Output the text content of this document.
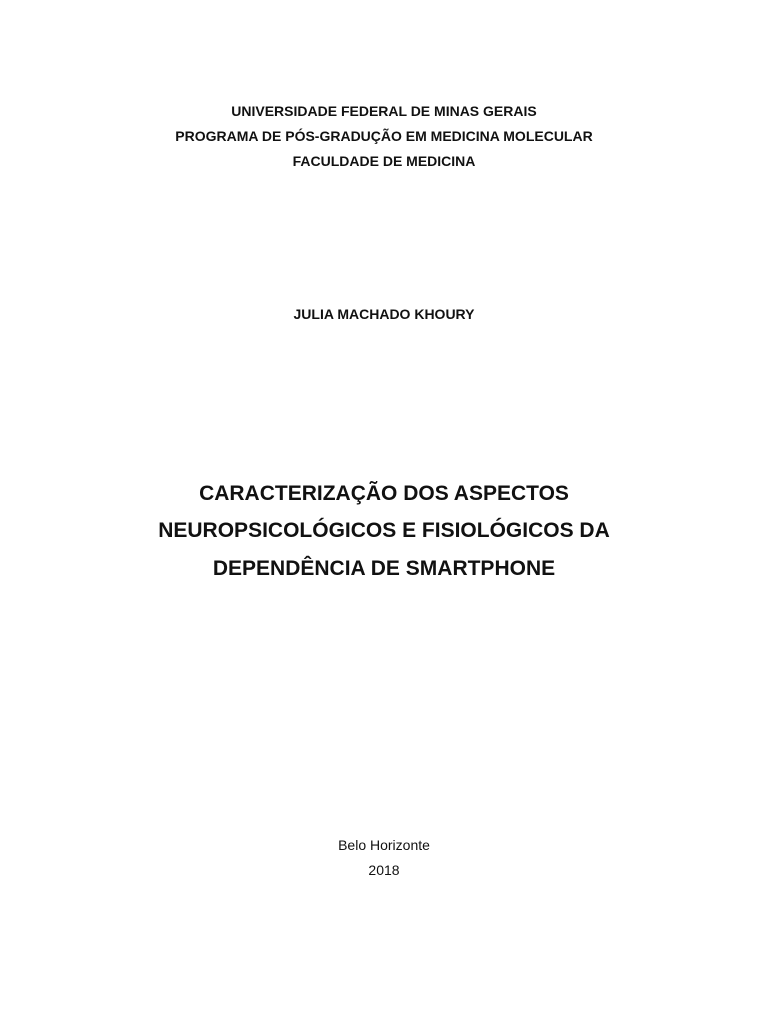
UNIVERSIDADE FEDERAL DE MINAS GERAIS

PROGRAMA DE PÓS-GRADUÇÃO EM MEDICINA MOLECULAR

FACULDADE DE MEDICINA

JULIA MACHADO KHOURY

CARACTERIZAÇÃO DOS ASPECTOS

NEUROPSICOLÓGICOS E FISIOLÓGICOS DA

DEPENDÊNCIA DE SMARTPHONE

Belo Horizonte

2018
